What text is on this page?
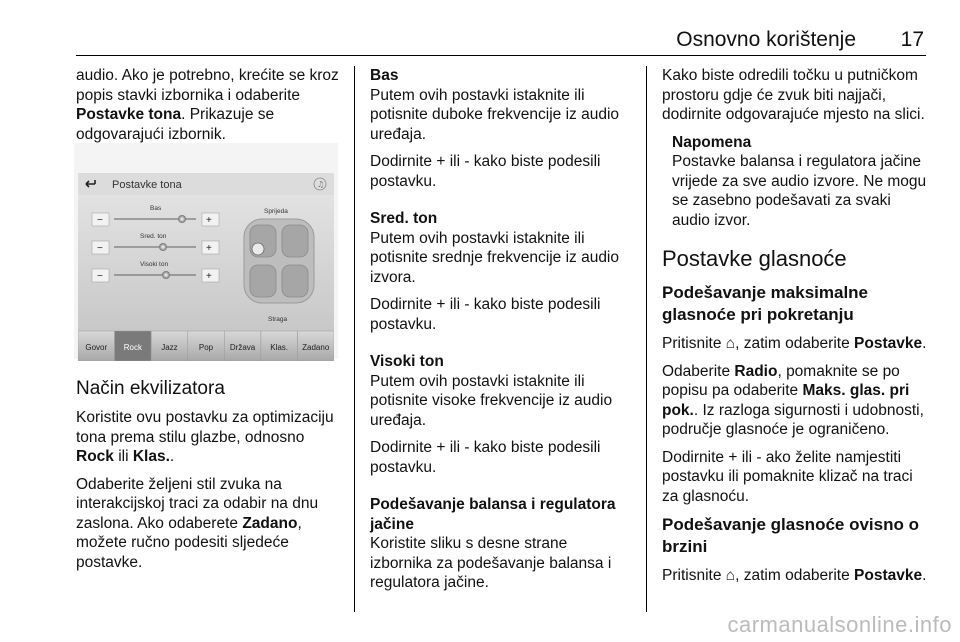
Osnovno korištenje 17

audio. Ako je potrebno, krećite se kroz popis stavki izbornika i odaberite Postavke tona. Prikazuje se odgovarajući izbornik.

Postavke tona	♫
Bas
−	+
Sred. ton
−	+
Visoki ton
−	+
Sprijeda
Straga
Govor Rock Jazz	Pop Država Klas. Zadano
Način ekvilizatora

Koristite ovu postavku za optimizaciju tona prema stilu glazbe, odnosno Rock ili Klas..

Odaberite željeni stil zvuka na interakcijskoj traci za odabir na dnu zaslona. Ako odaberete Zadano, možete ručno podesiti sljedeće postavke.

Bas

Putem ovih postavki istaknite ili potisnite duboke frekvencije iz audio uređaja.

Dodirnite + ili - kako biste podesili postavku.

Sred. ton

Putem ovih postavki istaknite ili potisnite srednje frekvencije iz audio izvora.

Dodirnite + ili - kako biste podesili postavku.

Visoki ton

Putem ovih postavki istaknite ili potisnite visoke frekvencije iz audio uređaja.

Dodirnite + ili - kako biste podesili postavku.

Podešavanje balansa i regulatora jačine

Koristite sliku s desne strane izbornika za podešavanje balansa i regulatora jačine.

Kako biste odredili točku u putničkom prostoru gdje će zvuk biti najjači, dodirnite odgovarajuće mjesto na slici.

Napomena

Postavke balansa i regulatora jačine vrijede za sve audio izvore. Ne mogu se zasebno podešavati za svaki audio izvor.

Postavke glasnoće
Podešavanje maksimalne glasnoće pri pokretanju

Pritisnite ⌂, zatim odaberite Postavke.

Odaberite Radio, pomaknite se po popisu pa odaberite Maks. glas. pri pok.. Iz razloga sigurnosti i udobnosti, područje glasnoće je ograničeno.

Dodirnite + ili - ako želite namjestiti postavku ili pomaknite klizač na traci za glasnoću.

Podešavanje glasnoće ovisno o brzini

Pritisnite ⌂, zatim odaberite Postavke.

carmanualsonline.info
